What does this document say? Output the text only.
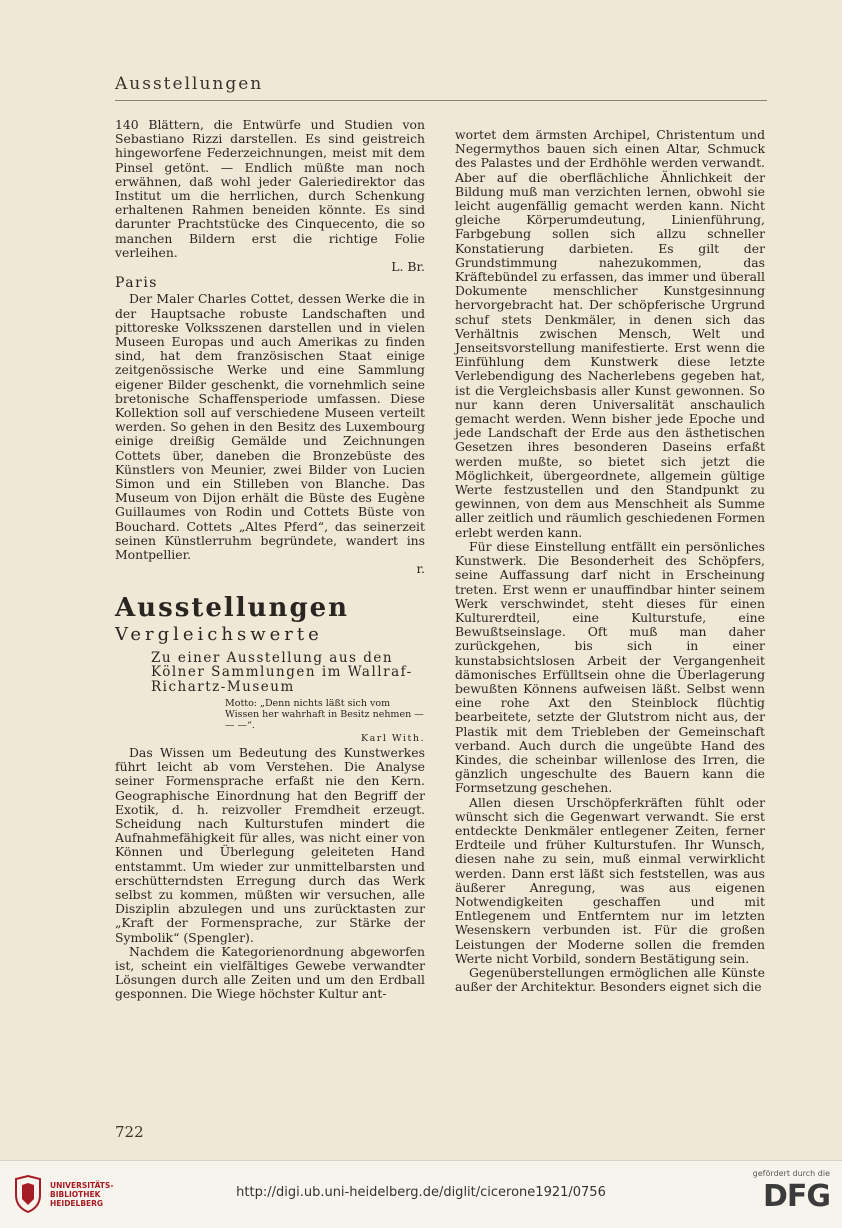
Ausstellungen

140 Blättern, die Entwürfe und Studien von Sebastiano Rizzi darstellen. Es sind geistreich hingeworfene Federzeichnungen, meist mit dem Pinsel getönt. — Endlich müßte man noch erwähnen, daß wohl jeder Galeriedirektor das Institut um die herrlichen, durch Schenkung erhaltenen Rahmen beneiden könnte. Es sind darunter Prachtstücke des Cinquecento, die so manchen Bildern erst die richtige Folie verleihen.

L. Br.

Paris

Der Maler Charles Cottet, dessen Werke die in der Hauptsache robuste Landschaften und pittoreske Volksszenen darstellen und in vielen Museen Europas und auch Amerikas zu finden sind, hat dem französischen Staat einige zeitgenössische Werke und eine Sammlung eigener Bilder geschenkt, die vornehmlich seine bretonische Schaffensperiode umfassen. Diese Kollektion soll auf verschiedene Museen verteilt werden. So gehen in den Besitz des Luxembourg einige dreißig Gemälde und Zeichnungen Cottets über, daneben die Bronzebüste des Künstlers von Meunier, zwei Bilder von Lucien Simon und ein Stilleben von Blanche. Das Museum von Dijon erhält die Büste des Eugène Guillaumes von Rodin und Cottets Büste von Bouchard. Cottets „Altes Pferd“, das seinerzeit seinen Künstlerruhm begründete, wandert ins Montpellier.

r.

Ausstellungen
Vergleichswerte
Zu einer Ausstellung aus den Kölner Sammlungen im Wallraf-Richartz-Museum
Motto: „Denn nichts läßt sich vom Wissen her wahrhaft in Besitz nehmen — — —“.
Karl With.

Das Wissen um Bedeutung des Kunstwerkes führt leicht ab vom Verstehen. Die Analyse seiner Formensprache erfaßt nie den Kern. Geographische Einordnung hat den Begriff der Exotik, d. h. reizvoller Fremdheit erzeugt. Scheidung nach Kulturstufen mindert die Aufnahmefähigkeit für alles, was nicht einer von Können und Überlegung geleiteten Hand entstammt. Um wieder zur unmittelbarsten und erschütterndsten Erregung durch das Werk selbst zu kommen, müßten wir versuchen, alle Disziplin abzulegen und uns zurücktasten zur „Kraft der Formensprache, zur Stärke der Symbolik“ (Spengler).

Nachdem die Kategorienordnung abgeworfen ist, scheint ein vielfältiges Gewebe verwandter Lösungen durch alle Zeiten und um den Erdball gesponnen. Die Wiege höchster Kultur ant-

wortet dem ärmsten Archipel, Christentum und Negermythos bauen sich einen Altar, Schmuck des Palastes und der Erdhöhle werden verwandt. Aber auf die oberflächliche Ähnlichkeit der Bildung muß man verzichten lernen, obwohl sie leicht augenfällig gemacht werden kann. Nicht gleiche Körperumdeutung, Linienführung, Farbgebung sollen sich allzu schneller Konstatierung darbieten. Es gilt der Grundstimmung nahezukommen, das Kräftebündel zu erfassen, das immer und überall Dokumente menschlicher Kunstgesinnung hervorgebracht hat. Der schöpferische Urgrund schuf stets Denkmäler, in denen sich das Verhältnis zwischen Mensch, Welt und Jenseitsvorstellung manifestierte. Erst wenn die Einfühlung dem Kunstwerk diese letzte Verlebendigung des Nacherlebens gegeben hat, ist die Vergleichsbasis aller Kunst gewonnen. So nur kann deren Universalität anschaulich gemacht werden. Wenn bisher jede Epoche und jede Landschaft der Erde aus den ästhetischen Gesetzen ihres besonderen Daseins erfaßt werden mußte, so bietet sich jetzt die Möglichkeit, übergeordnete, allgemein gültige Werte festzustellen und den Standpunkt zu gewinnen, von dem aus Menschheit als Summe aller zeitlich und räumlich geschiedenen Formen erlebt werden kann.

Für diese Einstellung entfällt ein persönliches Kunstwerk. Die Besonderheit des Schöpfers, seine Auffassung darf nicht in Erscheinung treten. Erst wenn er unauffindbar hinter seinem Werk verschwindet, steht dieses für einen Kulturerdteil, eine Kulturstufe, eine Bewußtseinslage. Oft muß man daher zurückgehen, bis sich in einer kunstabsichtslosen Arbeit der Vergangenheit dämonisches Erfülltsein ohne die Überlagerung bewußten Könnens aufweisen läßt. Selbst wenn eine rohe Axt den Steinblock flüchtig bearbeitete, setzte der Glutstrom nicht aus, der Plastik mit dem Triebleben der Gemeinschaft verband. Auch durch die ungeübte Hand des Kindes, die scheinbar willenlose des Irren, die gänzlich ungeschulte des Bauern kann die Formsetzung geschehen.

Allen diesen Urschöpferkräften fühlt oder wünscht sich die Gegenwart verwandt. Sie erst entdeckte Denkmäler entlegener Zeiten, ferner Erdteile und früher Kulturstufen. Ihr Wunsch, diesen nahe zu sein, muß einmal verwirklicht werden. Dann erst läßt sich feststellen, was aus äußerer Anregung, was aus eigenen Notwendigkeiten geschaffen und mit Entlegenem und Entferntem nur im letzten Wesenskern verbunden ist. Für die großen Leistungen der Moderne sollen die fremden Werte nicht Vorbild, sondern Bestätigung sein.

Gegenüberstellungen ermöglichen alle Künste außer der Architektur. Besonders eignet sich die

722
UNIVERSITÄTS-
BIBLIOTHEK
HEIDELBERG
http://digi.ub.uni-heidelberg.de/diglit/cicerone1921/0756
gefördert durch die
DFG
